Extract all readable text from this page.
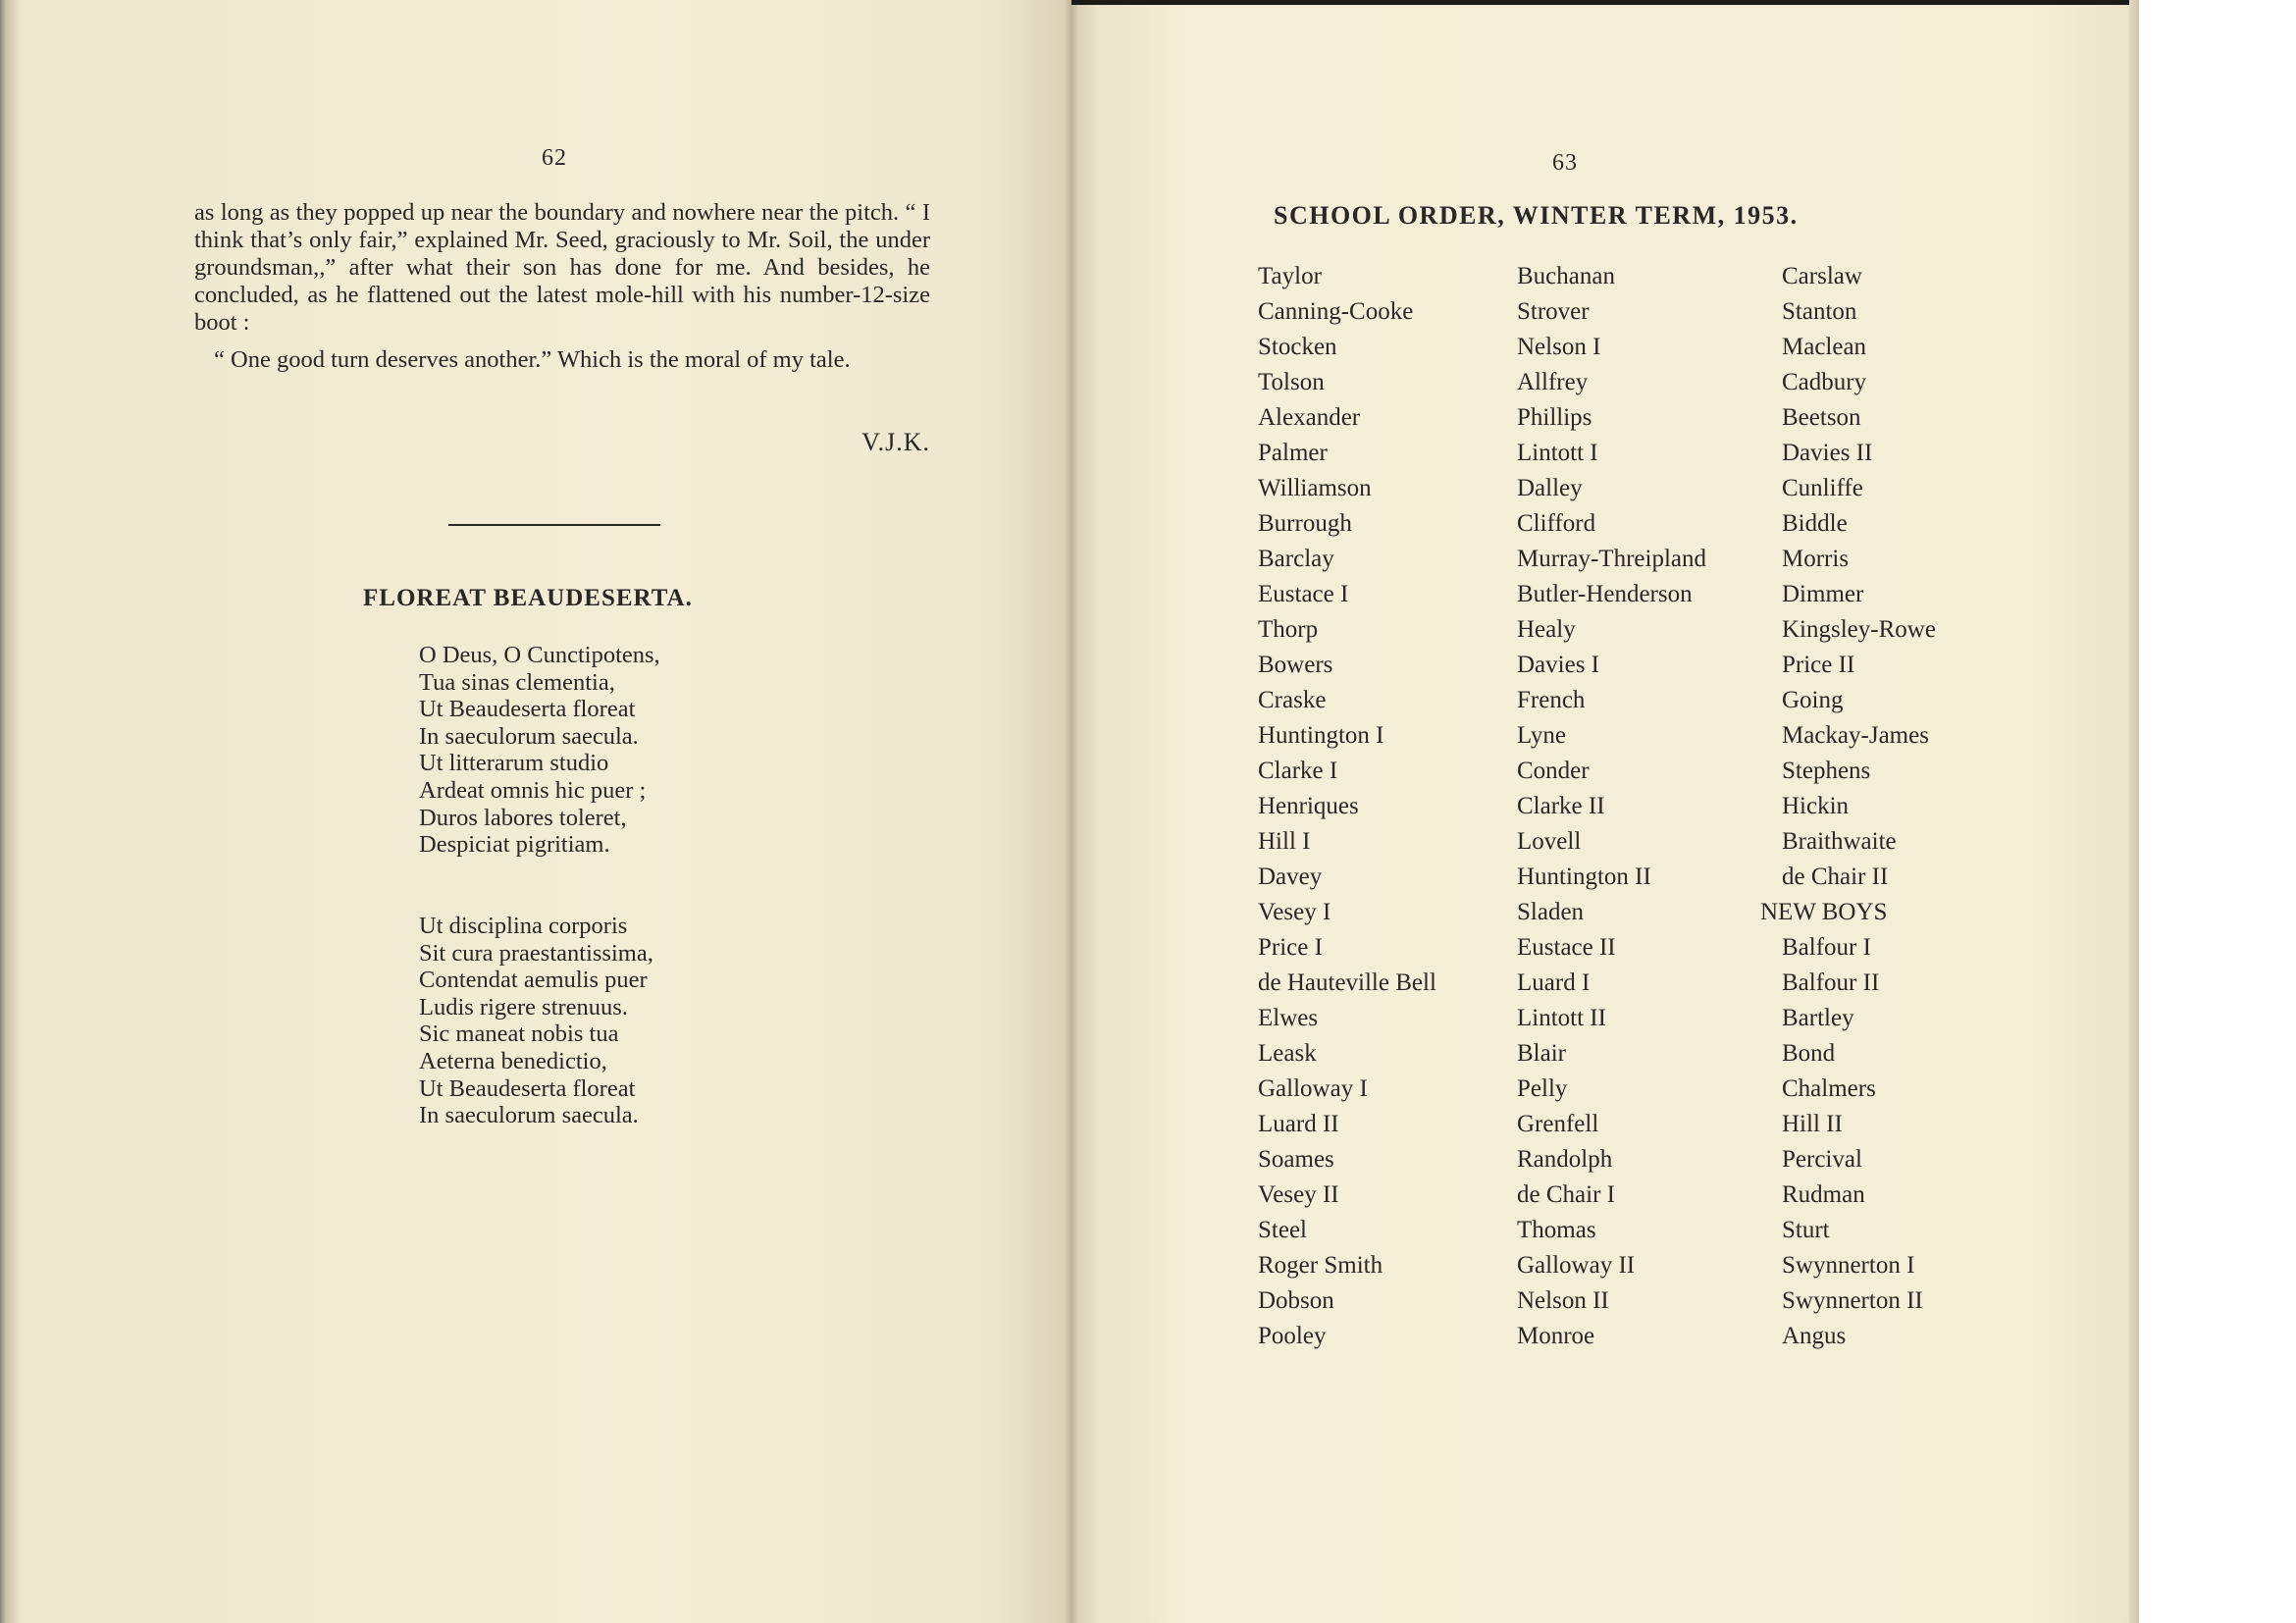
62

as long as they popped up near the boundary and nowhere near the pitch. “ I think that’s only fair,” explained Mr. Seed, graciously to Mr. Soil, the under groundsman,,” after what their son has done for me. And besides, he concluded, as he flattened out the latest mole-hill with his number-12-size boot :

“ One good turn deserves another.” Which is the moral of my tale.

V.J.K.
FLOREAT BEAUDESERTA.
O Deus, O Cunctipotens,
Tua sinas clementia,
Ut Beaudeserta floreat
In saeculorum saecula.
Ut litterarum studio
Ardeat omnis hic puer ;
Duros labores toleret,
Despiciat pigritiam.
Ut disciplina corporis
Sit cura praestantissima,
Contendat aemulis puer
Ludis rigere strenuus.
Sic maneat nobis tua
Aeterna benedictio,
Ut Beaudeserta floreat
In saeculorum saecula.
63
SCHOOL ORDER, WINTER TERM, 1953.
Taylor
Canning-Cooke
Stocken
Tolson
Alexander
Palmer
Williamson
Burrough
Barclay
Eustace I
Thorp
Bowers
Craske
Huntington I
Clarke I
Henriques
Hill I
Davey
Vesey I
Price I
de Hauteville Bell
Elwes
Leask
Galloway I
Luard II
Soames
Vesey II
Steel
Roger Smith
Dobson
Pooley
Buchanan
Strover
Nelson I
Allfrey
Phillips
Lintott I
Dalley
Clifford
Murray-Threipland
Butler-Henderson
Healy
Davies I
French
Lyne
Conder
Clarke II
Lovell
Huntington II
Sladen
Eustace II
Luard I
Lintott II
Blair
Pelly
Grenfell
Randolph
de Chair I
Thomas
Galloway II
Nelson II
Monroe
Carslaw
Stanton
Maclean
Cadbury
Beetson
Davies II
Cunliffe
Biddle
Morris
Dimmer
Kingsley-Rowe
Price II
Going
Mackay-James
Stephens
Hickin
Braithwaite
de Chair II
NEW BOYS
Balfour I
Balfour II
Bartley
Bond
Chalmers
Hill II
Percival
Rudman
Sturt
Swynnerton I
Swynnerton II
Angus
